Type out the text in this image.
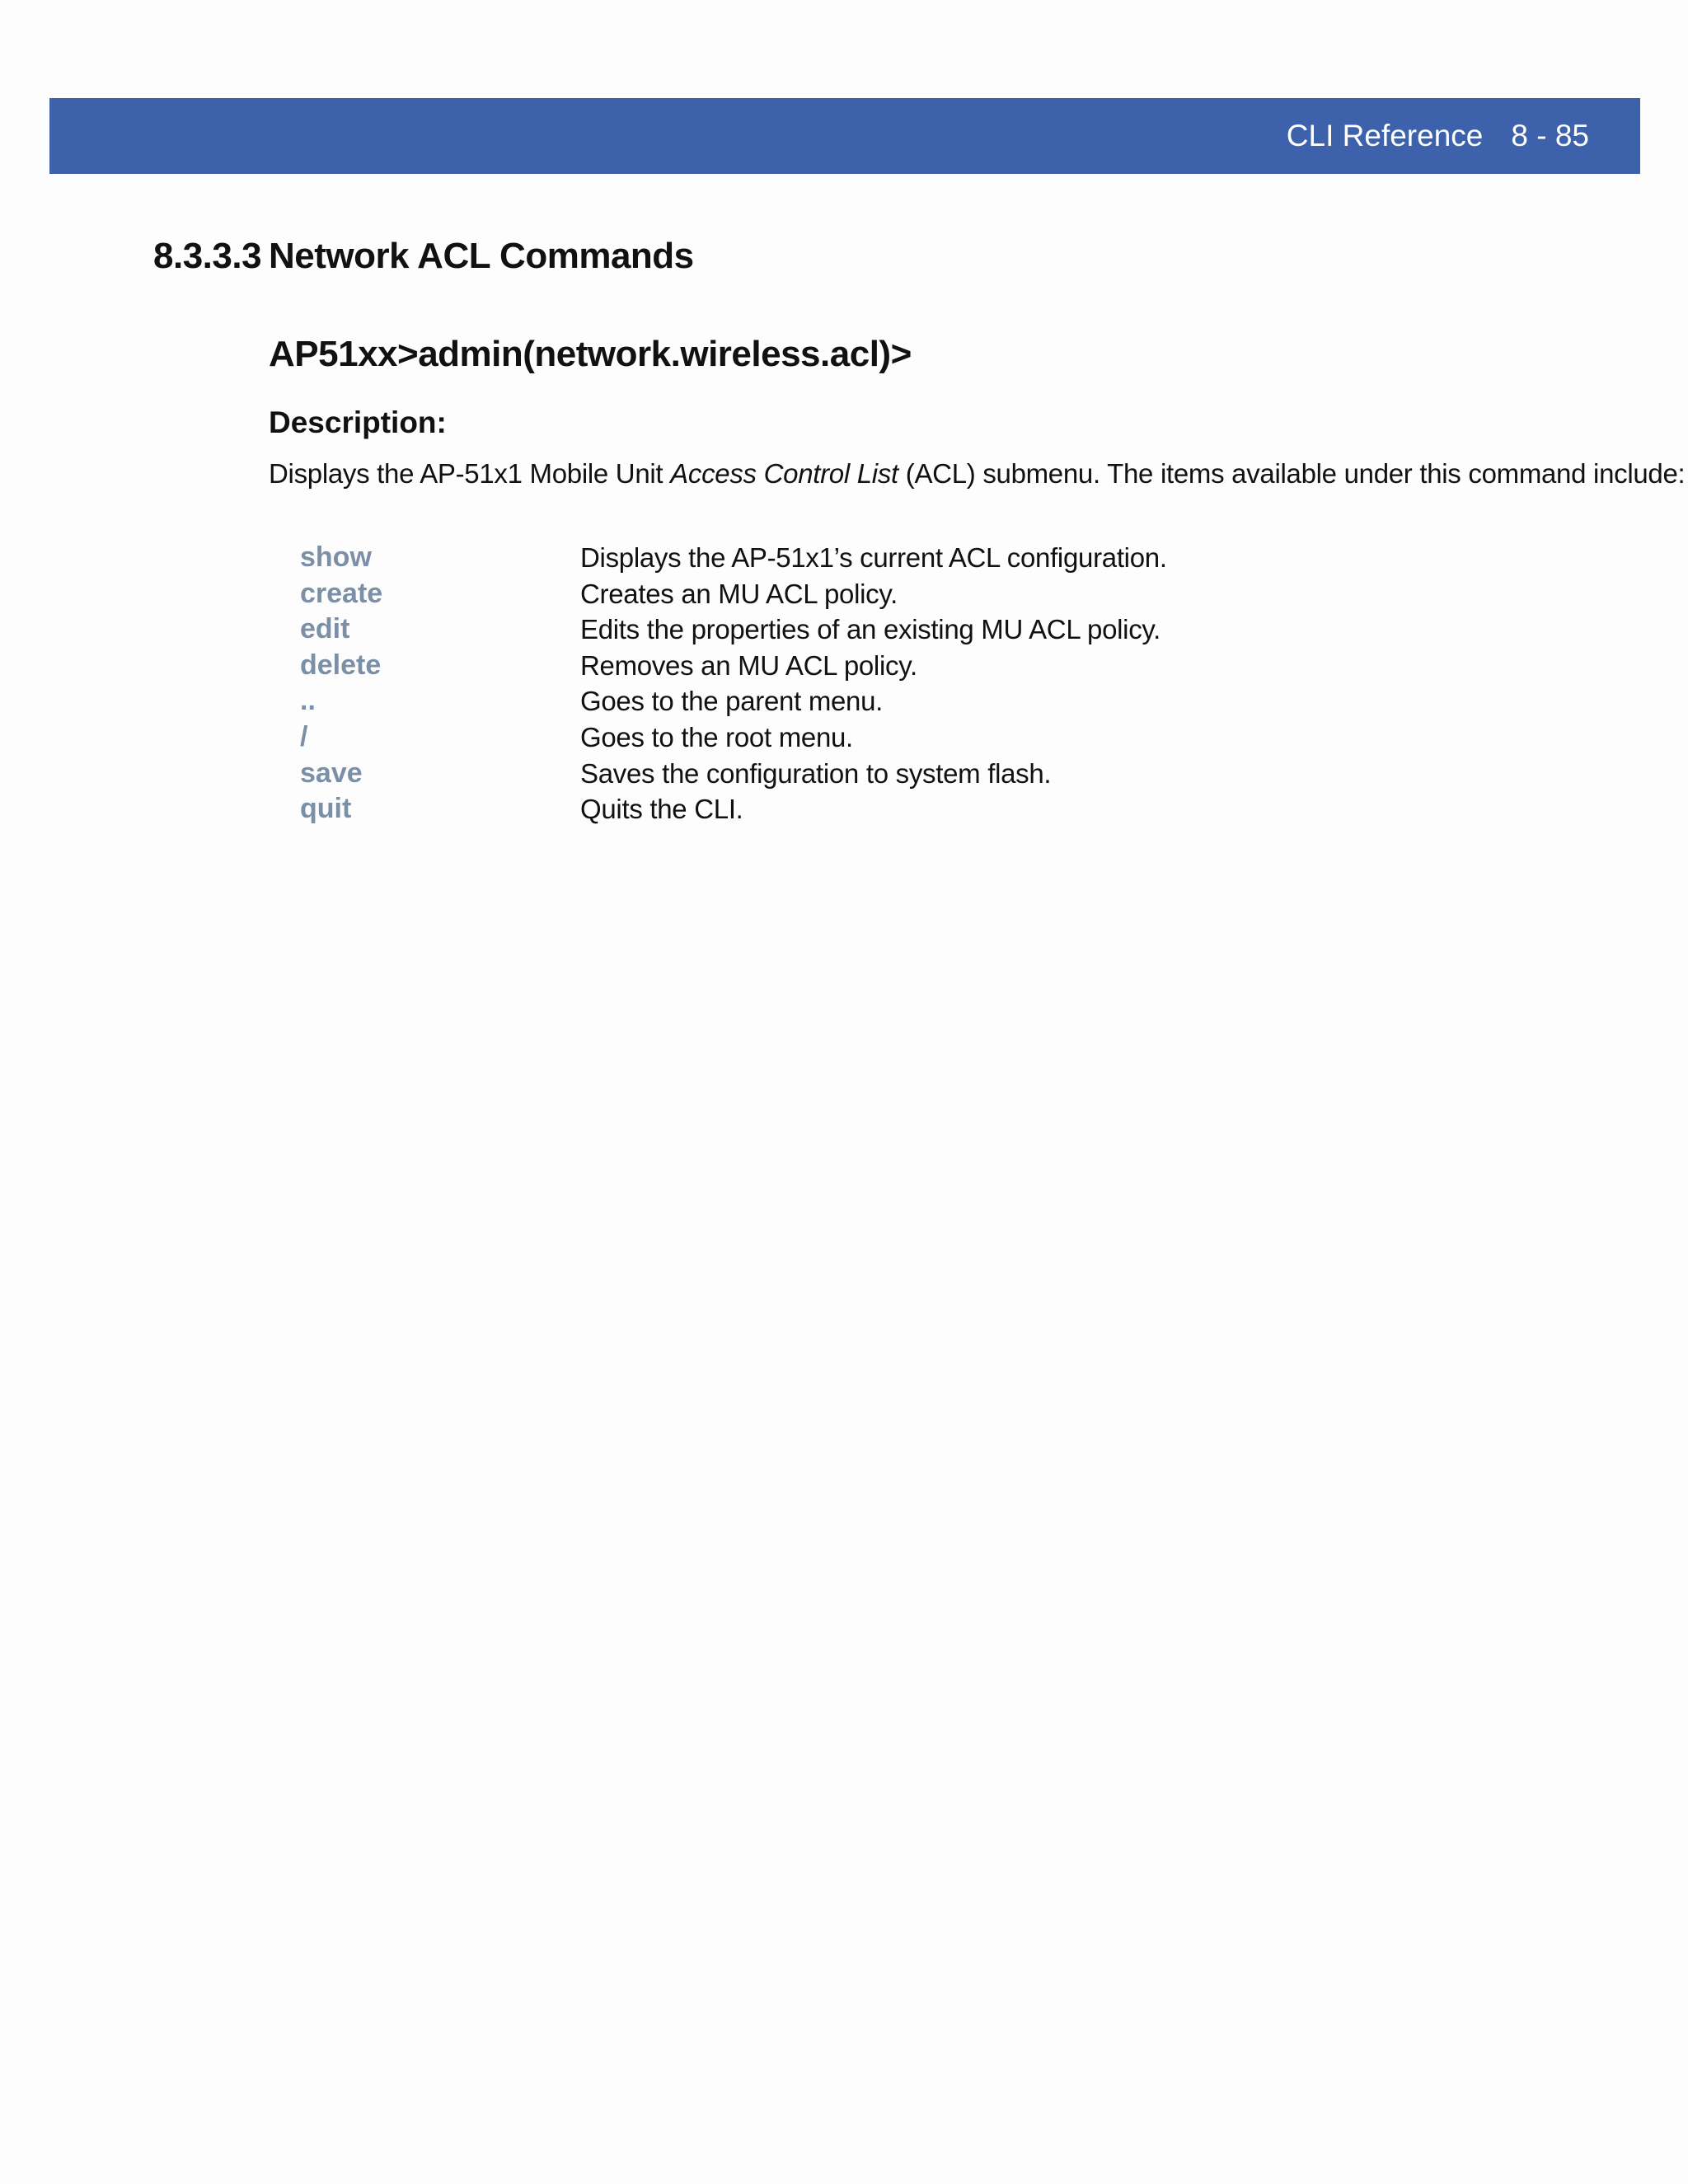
CLI Reference 8 - 85
8.3.3.3 Network ACL Commands
AP51xx>admin(network.wireless.acl)>
Description:
Displays the AP-51x1 Mobile Unit Access Control List (ACL) submenu. The items available under this command include:
show	Displays the AP-51x1’s current ACL configuration.
create	Creates an MU ACL policy.
edit	Edits the properties of an existing MU ACL policy.
delete	Removes an MU ACL policy.
..	Goes to the parent menu.
/	Goes to the root menu.
save	Saves the configuration to system flash.
quit	Quits the CLI.
